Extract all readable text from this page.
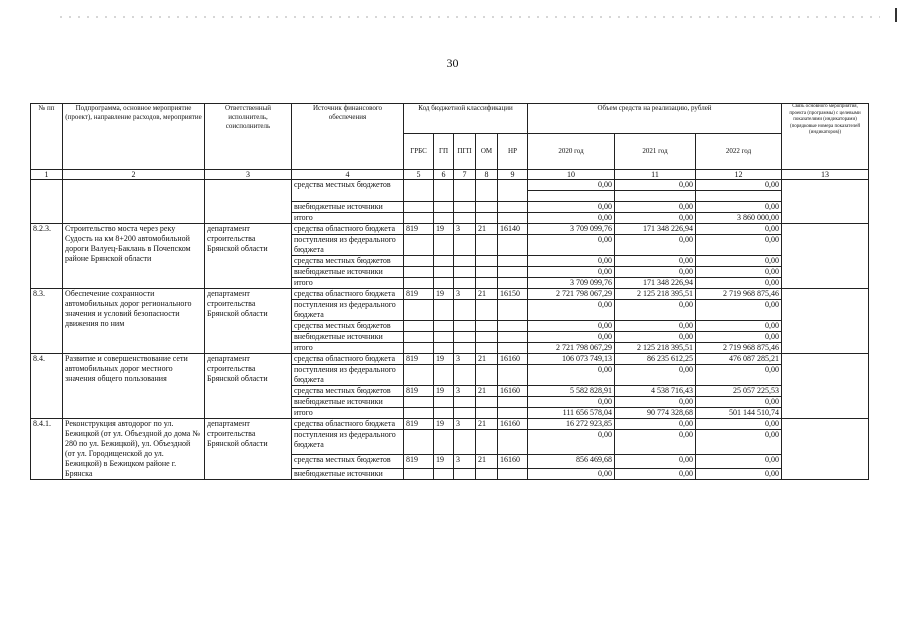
30
№ пп	Подпрограмма, основное мероприятие (проект), направление расходов, мероприятие	Ответственный исполнитель, соисполнитель	Источник финансового обеспечения	Код бюджетной классификации					Объем средств на реализацию, рублей			Связь основного мероприятия, проекта (программы) с целевыми показателями (индикаторами) (порядковые номера показателей (индикаторов))
				ГРБС	ГП	ПГП	ОМ	НР	2020 год	2021 год	2022 год	
1	2	3	4	5	6	7	8	9	10	11	12	13
			средства местных бюджетов						0,00	0,00	0,00	

			внебюджетные источники						0,00	0,00	0,00	
			итого						0,00	0,00	3 860 000,00	
8.2.3.	Строительство моста через реку Судость на км 8+200 автомобильной дороги Валуец-Баклань в Почепском районе Брянской области	департамент строительства Брянской области	средства областного бюджета	819	19	3	21	16140	3 709 099,76	171 348 226,94	0,00	

			поступления из федерального бюджета						0,00	0,00	0,00	

			средства местных бюджетов						0,00	0,00	0,00	

			внебюджетные источники						0,00	0,00	0,00	
			итого						3 709 099,76	171 348 226,94	0,00	
8.3.	Обеспечение сохранности автомобильных дорог регионального значения и условий безопасности движения по ним	департамент строительства Брянской области	средства областного бюджета	819	19	3	21	16150	2 721 798 067,29	2 125 218 395,51	2 719 968 875,46	

			поступления из федерального бюджета						0,00	0,00	0,00	

			средства местных бюджетов						0,00	0,00	0,00	

			внебюджетные источники						0,00	0,00	0,00	
			итого						2 721 798 067,29	2 125 218 395,51	2 719 968 875,46	
8.4.	Развитие и совершенствование сети автомобильных дорог местного значения общего пользования	департамент строительства Брянской области	средства областного бюджета	819	19	3	21	16160	106 073 749,13	86 235 612,25	476 087 285,21	

			поступления из федерального бюджета						0,00	0,00	0,00	

			средства местных бюджетов	819	19	3	21	16160	5 582 828,91	4 538 716,43	25 057 225,53	

			внебюджетные источники						0,00	0,00	0,00	
			итого						111 656 578,04	90 774 328,68	501 144 510,74	
8.4.1.	Реконструкция автодорог по ул. Бежицкой (от ул. Объездной до дома № 280 по ул. Бежицкой), ул. Объездной (от ул. Городищенской до ул. Бежицкой) в Бежицком районе г. Брянска	департамент строительства Брянской области	средства областного бюджета	819	19	3	21	16160	16 272 923,85	0,00	0,00	

			поступления из федерального бюджета						0,00	0,00	0,00	

			средства местных бюджетов	819	19	3	21	16160	856 469,68	0,00	0,00	

			внебюджетные источники						0,00	0,00	0,00	
